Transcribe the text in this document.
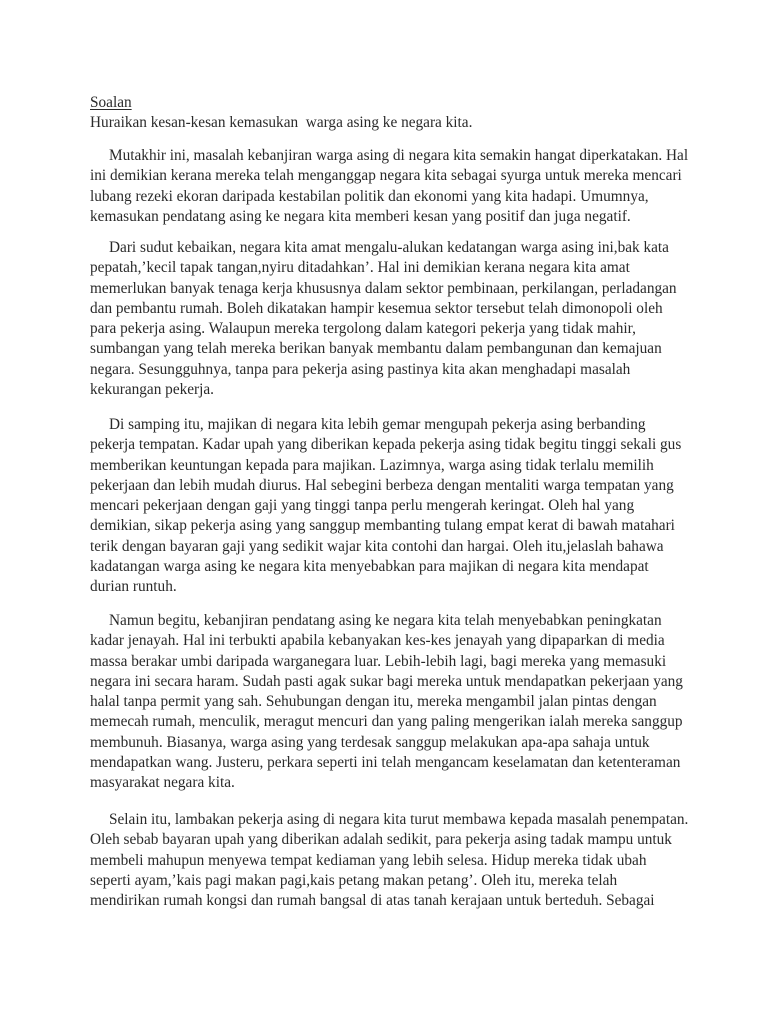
Soalan
Huraikan kesan-kesan kemasukan  warga asing ke negara kita.
Mutakhir ini, masalah kebanjiran warga asing di negara kita semakin hangat diperkatakan. Hal
ini demikian kerana mereka telah menganggap negara kita sebagai syurga untuk mereka mencari
lubang rezeki ekoran daripada kestabilan politik dan ekonomi yang kita hadapi. Umumnya,
kemasukan pendatang asing ke negara kita memberi kesan yang positif dan juga negatif.
Dari sudut kebaikan, negara kita amat mengalu-alukan kedatangan warga asing ini,bak kata
pepatah,’kecil tapak tangan,nyiru ditadahkan’. Hal ini demikian kerana negara kita amat
memerlukan banyak tenaga kerja khususnya dalam sektor pembinaan, perkilangan, perladangan
dan pembantu rumah. Boleh dikatakan hampir kesemua sektor tersebut telah dimonopoli oleh
para pekerja asing. Walaupun mereka tergolong dalam kategori pekerja yang tidak mahir,
sumbangan yang telah mereka berikan banyak membantu dalam pembangunan dan kemajuan
negara. Sesungguhnya, tanpa para pekerja asing pastinya kita akan menghadapi masalah
kekurangan pekerja.
Di samping itu, majikan di negara kita lebih gemar mengupah pekerja asing berbanding
pekerja tempatan. Kadar upah yang diberikan kepada pekerja asing tidak begitu tinggi sekali gus
memberikan keuntungan kepada para majikan. Lazimnya, warga asing tidak terlalu memilih
pekerjaan dan lebih mudah diurus. Hal sebegini berbeza dengan mentaliti warga tempatan yang
mencari pekerjaan dengan gaji yang tinggi tanpa perlu mengerah keringat. Oleh hal yang
demikian, sikap pekerja asing yang sanggup membanting tulang empat kerat di bawah matahari
terik dengan bayaran gaji yang sedikit wajar kita contohi dan hargai. Oleh itu,jelaslah bahawa
kadatangan warga asing ke negara kita menyebabkan para majikan di negara kita mendapat
durian runtuh.
Namun begitu, kebanjiran pendatang asing ke negara kita telah menyebabkan peningkatan
kadar jenayah. Hal ini terbukti apabila kebanyakan kes-kes jenayah yang dipaparkan di media
massa berakar umbi daripada warganegara luar. Lebih-lebih lagi, bagi mereka yang memasuki
negara ini secara haram. Sudah pasti agak sukar bagi mereka untuk mendapatkan pekerjaan yang
halal tanpa permit yang sah. Sehubungan dengan itu, mereka mengambil jalan pintas dengan
memecah rumah, menculik, meragut mencuri dan yang paling mengerikan ialah mereka sanggup
membunuh. Biasanya, warga asing yang terdesak sanggup melakukan apa-apa sahaja untuk
mendapatkan wang. Justeru, perkara seperti ini telah mengancam keselamatan dan ketenteraman
masyarakat negara kita.
Selain itu, lambakan pekerja asing di negara kita turut membawa kepada masalah penempatan.
Oleh sebab bayaran upah yang diberikan adalah sedikit, para pekerja asing tadak mampu untuk
membeli mahupun menyewa tempat kediaman yang lebih selesa. Hidup mereka tidak ubah
seperti ayam,’kais pagi makan pagi,kais petang makan petang’. Oleh itu, mereka telah
mendirikan rumah kongsi dan rumah bangsal di atas tanah kerajaan untuk berteduh. Sebagai
